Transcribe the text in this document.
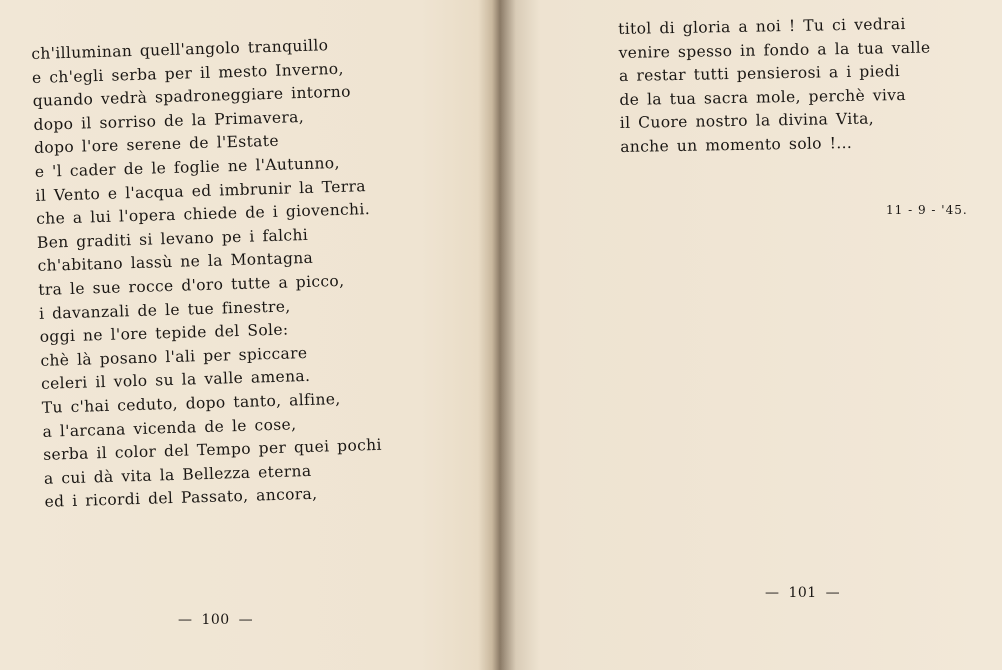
ch'illuminan quell'angolo tranquillo
e ch'egli serba per il mesto Inverno,
quando vedrà spadroneggiare intorno
dopo il sorriso de la Primavera,
dopo l'ore serene de l'Estate
e 'l cader de le foglie ne l'Autunno,
il Vento e l'acqua ed imbrunir la Terra
che a lui l'opera chiede de i giovenchi.
Ben graditi si levano pe i falchi
ch'abitano lassù ne la Montagna
tra le sue rocce d'oro tutte a picco,
i davanzali de le tue finestre,
oggi ne l'ore tepide del Sole:
chè là posano l'ali per spiccare
celeri il volo su la valle amena.
Tu c'hai ceduto, dopo tanto, alfine,
a l'arcana vicenda de le cose,
serba il color del Tempo per quei pochi
a cui dà vita la Bellezza eterna
ed i ricordi del Passato, ancora,
— 100 —
titol di gloria a noi ! Tu ci vedrai
venire spesso in fondo a la tua valle
a restar tutti pensierosi a i piedi
de la tua sacra mole, perchè viva
il Cuore nostro la divina Vita,
anche un momento solo !...
11 - 9 - '45.
— 101 —
